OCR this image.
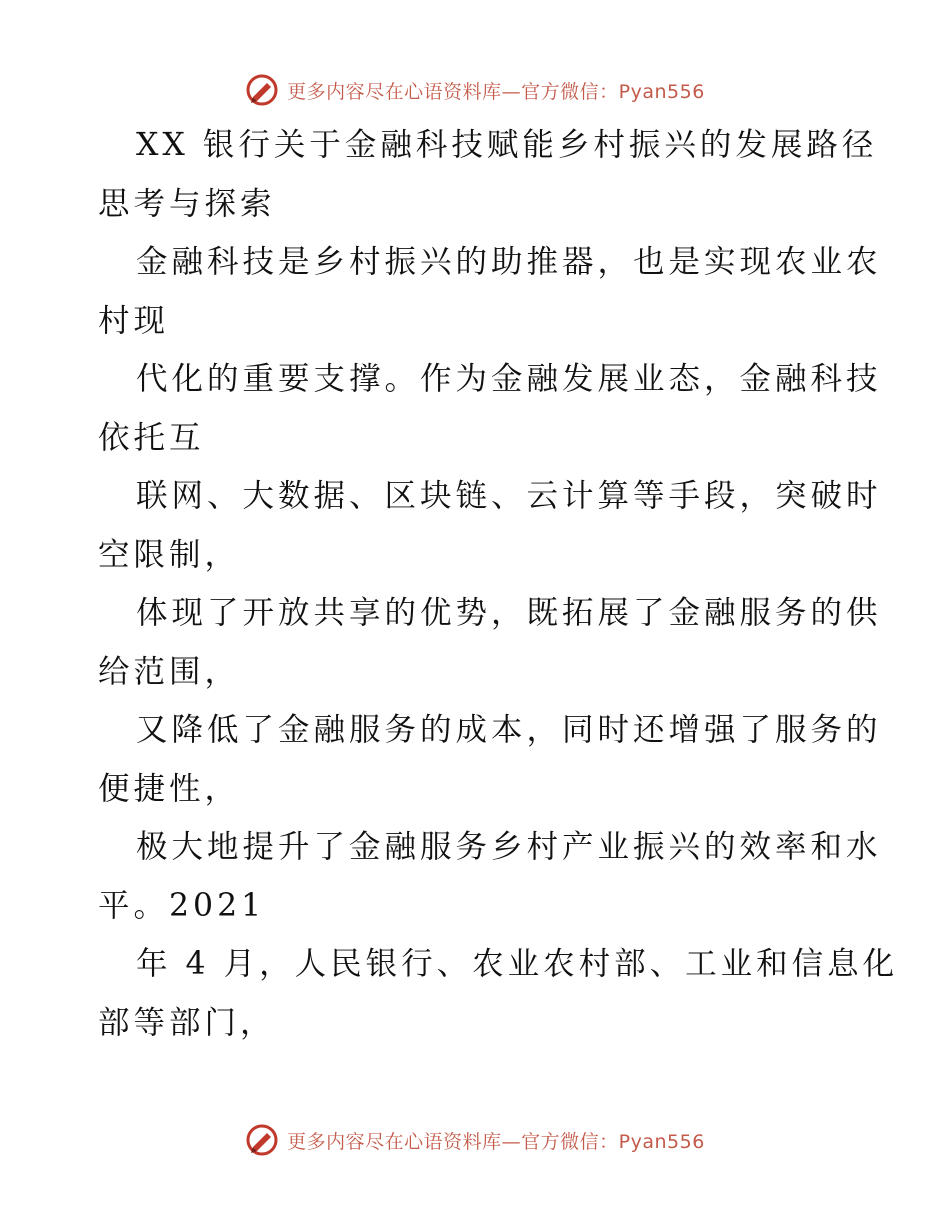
更多内容尽在心语资料库—官方微信：Pyan556
XX 银行关于金融科技赋能乡村振兴的发展路径
思考与探索
金融科技是乡村振兴的助推器，也是实现农业农
村现
代化的重要支撑。作为金融发展业态，金融科技
依托互
联网、大数据、区块链、云计算等手段，突破时
空限制，
体现了开放共享的优势，既拓展了金融服务的供
给范围，
又降低了金融服务的成本，同时还增强了服务的
便捷性，
极大地提升了金融服务乡村产业振兴的效率和水
平。2021
年 4 月，人民银行、农业农村部、工业和信息化
部等部门，
更多内容尽在心语资料库—官方微信：Pyan556
